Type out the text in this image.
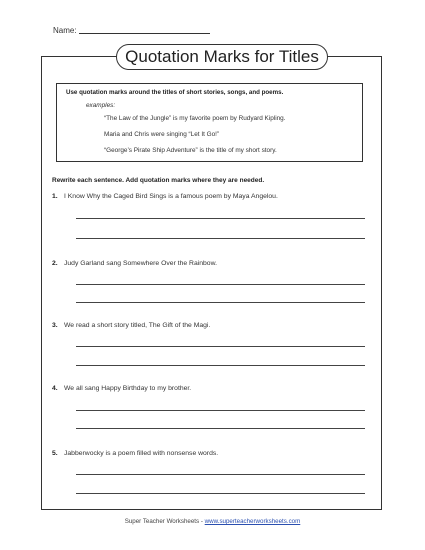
Name:
Quotation Marks for Titles
Use quotation marks around the titles of short stories, songs, and poems.
examples:
“The Law of the Jungle” is my favorite poem by Rudyard Kipling.
Maria and Chris were singing “Let It Go!”
“George’s Pirate Ship Adventure” is the title of my short story.
Rewrite each sentence. Add quotation marks where they are needed.
1. I Know Why the Caged Bird Sings is a famous poem by Maya Angelou.
2. Judy Garland sang Somewhere Over the Rainbow.
3. We read a short story titled, The Gift of the Magi.
4. We all sang Happy Birthday to my brother.
5. Jabberwocky is a poem filled with nonsense words.
Super Teacher Worksheets - www.superteacherworksheets.com
